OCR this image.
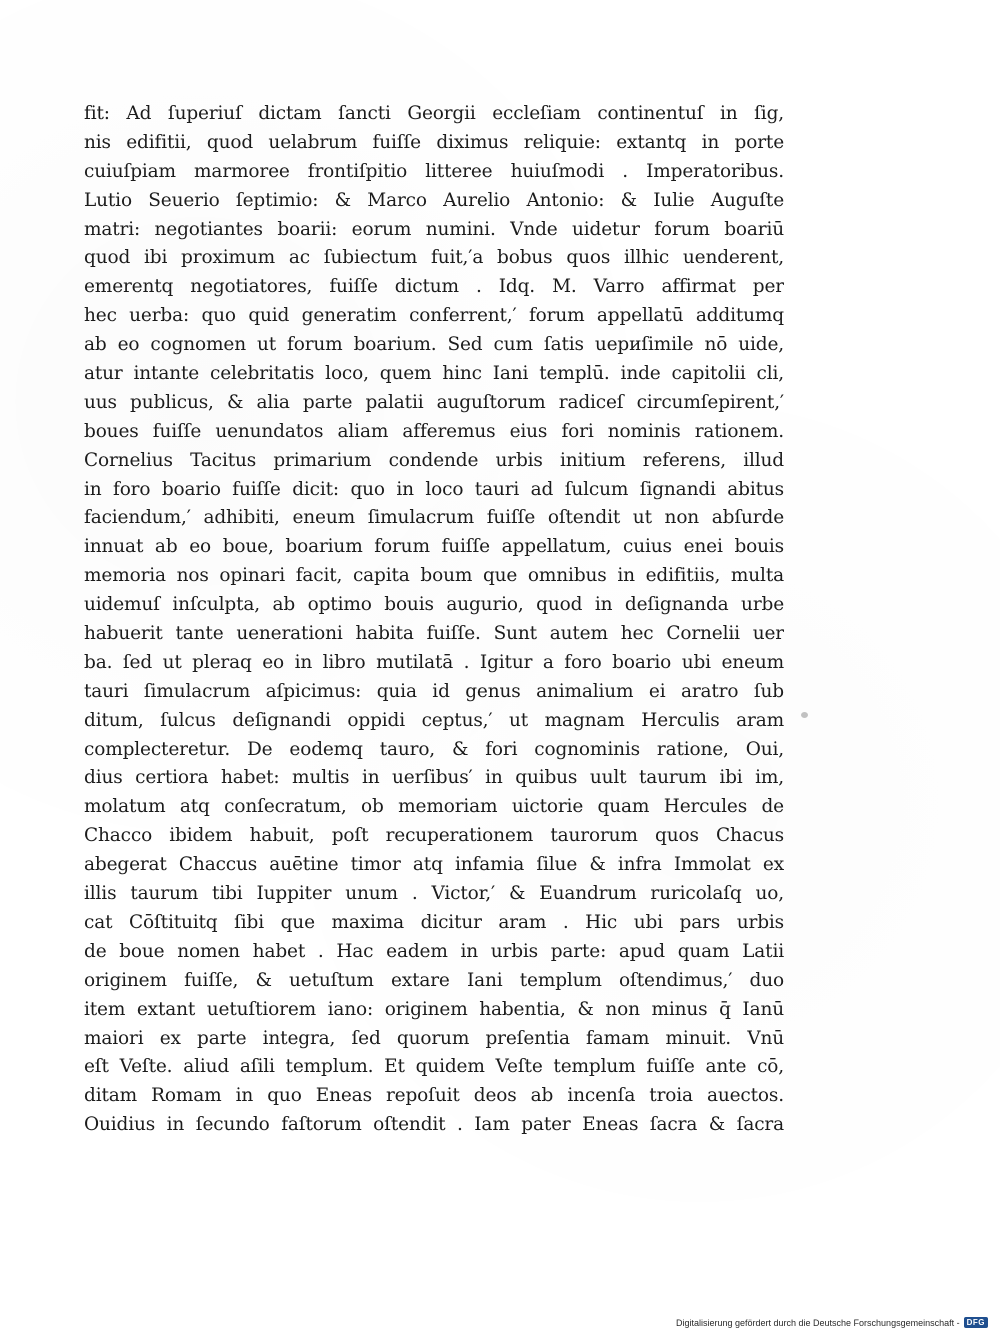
fit: Ad ſuperiuſ dictam ſancti Georgii eccleſiam continentuſ in ſig,
nis edifitii, quod uelabrum fuiſſe diximus reliquie: extantq in porte
cuiuſpiam marmoree frontiſpitio litteree huiuſmodi . Imperatoribus.
Lutio Seuerio ſeptimio: & Marco Aurelio Antonio: & Iulie Auguſte
matri: negotiantes boarii: eorum numini. Vnde uidetur forum boariū
quod ibi proximum ac ſubiectum fuit,′a bobus quos illhic uenderent,
emerentq negotiatores, fuiſſe dictum . Idq. M. Varro affirmat per
hec uerba: quo quid generatim conferrent,′ forum appellatū additumq
ab eo cognomen ut forum boarium. Sed cum ſatis uериſimile nō uide,
atur intante celebritatis loco, quem hinc Iani templū. inde capitolii cli,
uus publicus, & alia parte palatii auguſtorum radiceſ circumſepirent,′
boues fuiſſe uenundatos aliam afferemus eius fori nominis rationem.
Cornelius Tacitus primarium condende urbis initium referens, illud
in foro boario fuiſſe dicit: quo in loco tauri ad ſulcum ſignandi abitus
faciendum,′ adhibiti, eneum ſimulacrum fuiſſe oſtendit ut non abſurde
innuat ab eo boue, boarium forum fuiſſe appellatum, cuius enei bouis
memoria nos opinari facit, capita boum que omnibus in edifitiis, multa
uidemuſ inſculpta, ab optimo bouis augurio, quod in deſignanda urbe
habuerit tante uenerationi habita fuiſſe. Sunt autem hec Cornelii uer
ba. ſed ut pleraq eo in libro mutilatā . Igitur a foro boario ubi eneum
tauri ſimulacrum aſpicimus: quia id genus animalium ei aratro ſub
ditum, ſulcus deſignandi oppidi ceptus,′ ut magnam Herculis aram
complecteretur. De eodemq tauro, & fori cognominis ratione, Oui,
dius certiora habet: multis in uerſibus′ in quibus uult taurum ibi im,
molatum atq conſecratum, ob memoriam uictorie quam Hercules de
Chacco ibidem habuit, poſt recuperationem taurorum quos Chacus
abegerat Chaccus auētine timor atq infamia ſilue & infra Immolat ex
illis taurum tibi Iuppiter unum . Victor,′ & Euandrum ruricolaſq uo,
cat Cōſtituitq ſibi que maxima dicitur aram . Hic ubi pars urbis
de boue nomen habet . Hac eadem in urbis parte: apud quam Latii
originem fuiſſe, & uetuſtum extare Iani templum oſtendimus,′ duo
item extant uetuſtiorem iano: originem habentia, & non minus q̄ Ianū
maiori ex parte integra, ſed quorum preſentia famam minuit. Vnū
eſt Veſte. aliud aſili templum. Et quidem Veſte templum fuiſſe ante cō,
ditam Romam in quo Eneas repoſuit deos ab incenſa troia auectos.
Ouidius in ſecundo faſtorum oſtendit . Iam pater Eneas ſacra & ſacra
Digitalisierung gefördert durch die Deutsche Forschungsgemeinschaft - DFG
